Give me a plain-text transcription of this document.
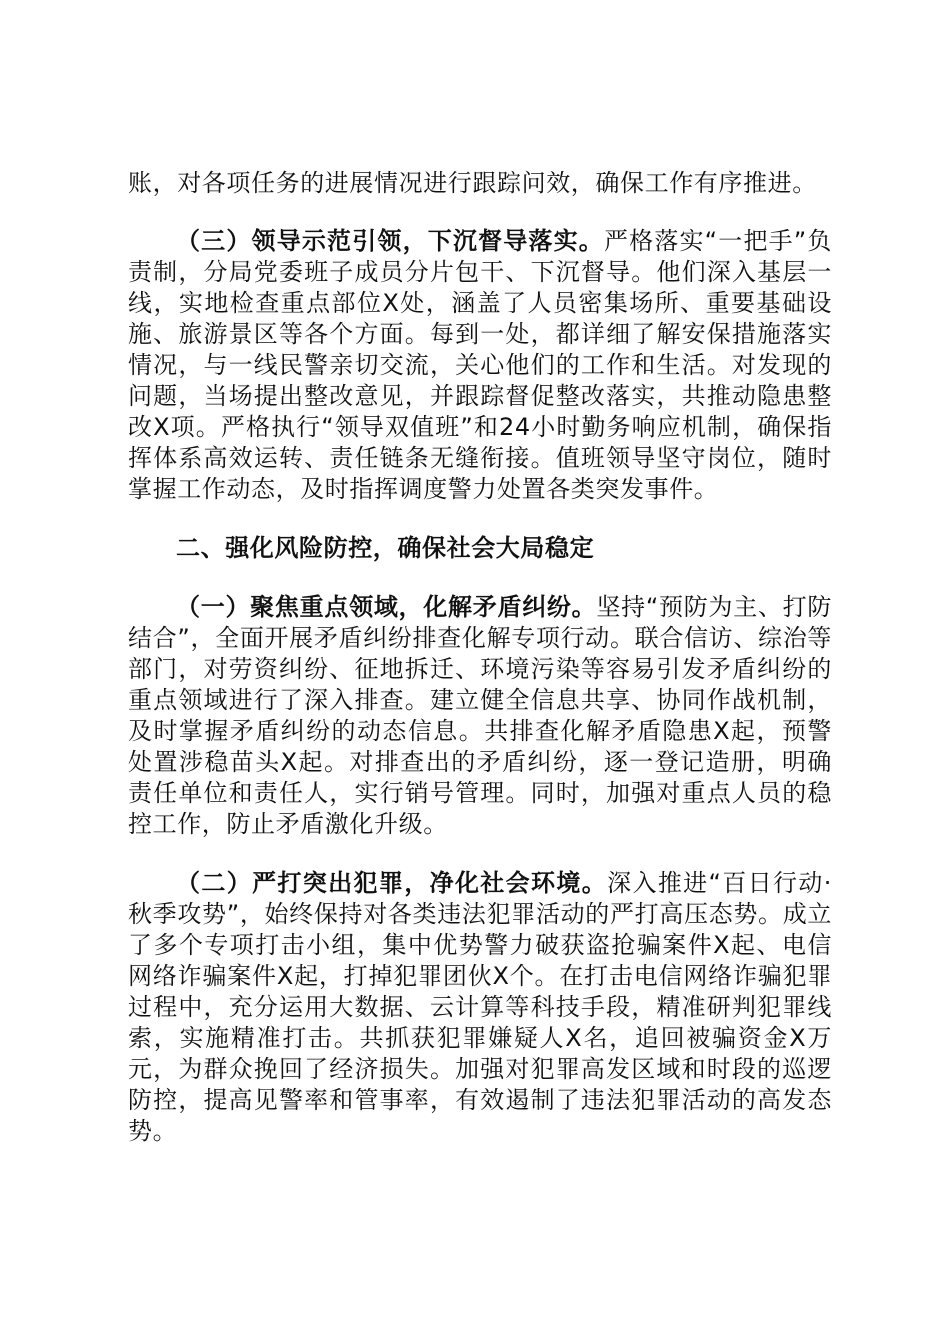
账，对各项任务的进展情况进行跟踪问效，确保工作有序推进。

（三）领导示范引领，下沉督导落实。严格落实“一把手”负责制，分局党委班子成员分片包干、下沉督导。他们深入基层一线，实地检查重点部位X处，涵盖了人员密集场所、重要基础设施、旅游景区等各个方面。每到一处，都详细了解安保措施落实情况，与一线民警亲切交流，关心他们的工作和生活。对发现的问题，当场提出整改意见，并跟踪督促整改落实，共推动隐患整改X项。严格执行“领导双值班”和24小时勤务响应机制，确保指挥体系高效运转、责任链条无缝衔接。值班领导坚守岗位，随时掌握工作动态，及时指挥调度警力处置各类突发事件。

二、强化风险防控，确保社会大局稳定

（一）聚焦重点领域，化解矛盾纠纷。坚持“预防为主、打防结合”，全面开展矛盾纠纷排查化解专项行动。联合信访、综治等部门，对劳资纠纷、征地拆迁、环境污染等容易引发矛盾纠纷的重点领域进行了深入排查。建立健全信息共享、协同作战机制，及时掌握矛盾纠纷的动态信息。共排查化解矛盾隐患X起，预警处置涉稳苗头X起。对排查出的矛盾纠纷，逐一登记造册，明确责任单位和责任人，实行销号管理。同时，加强对重点人员的稳控工作，防止矛盾激化升级。

（二）严打突出犯罪，净化社会环境。深入推进“百日行动·秋季攻势”，始终保持对各类违法犯罪活动的严打高压态势。成立了多个专项打击小组，集中优势警力破获盗抢骗案件X起、电信网络诈骗案件X起，打掉犯罪团伙X个。在打击电信网络诈骗犯罪过程中，充分运用大数据、云计算等科技手段，精准研判犯罪线索，实施精准打击。共抓获犯罪嫌疑人X名，追回被骗资金X万元，为群众挽回了经济损失。加强对犯罪高发区域和时段的巡逻防控，提高见警率和管事率，有效遏制了违法犯罪活动的高发态势。
